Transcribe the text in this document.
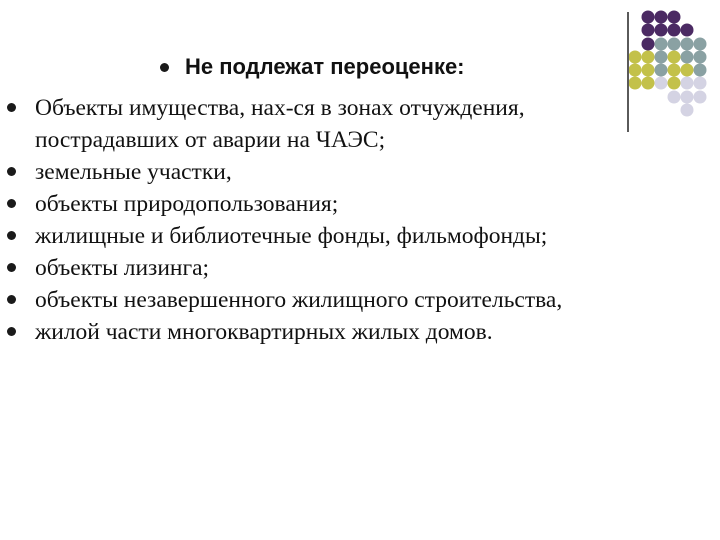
Не подлежат переоценке:
Объекты имущества, нах-ся в зонах отчуждения,
пострадавших от аварии на ЧАЭС;
земельные участки,
объекты природопользования;
жилищные и библиотечные фонды, фильмофонды;
объекты лизинга;
объекты незавершенного жилищного строительства,
жилой части многоквартирных жилых домов.
